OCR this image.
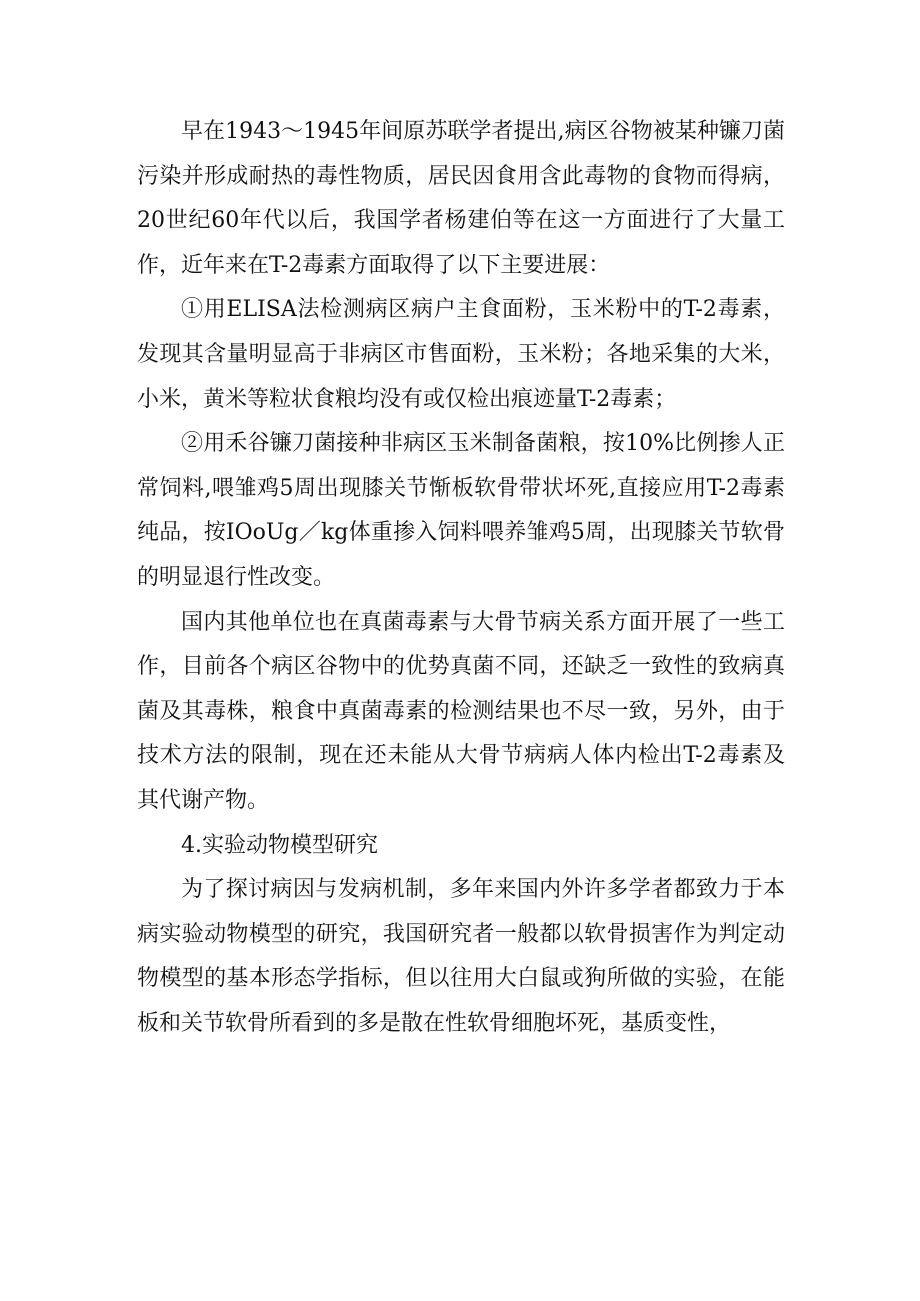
早在1943～1945年间原苏联学者提出,病区谷物被某种镰刀菌污染并形成耐热的毒性物质，居民因食用含此毒物的食物而得病，20世纪60年代以后，我国学者杨建伯等在这一方面进行了大量工作，近年来在T-2毒素方面取得了以下主要进展：

①用ELISA法检测病区病户主食面粉，玉米粉中的T-2毒素，发现其含量明显高于非病区市售面粉，玉米粉；各地采集的大米，小米，黄米等粒状食粮均没有或仅检出痕迹量T-2毒素；

②用禾谷镰刀菌接种非病区玉米制备菌粮，按10%比例掺人正常饲料,喂雏鸡5周出现膝关节惭板软骨带状坏死,直接应用T-2毒素纯品，按IOoUg／kg体重掺入饲料喂养雏鸡5周，出现膝关节软骨的明显退行性改变。

国内其他单位也在真菌毒素与大骨节病关系方面开展了一些工作，目前各个病区谷物中的优势真菌不同，还缺乏一致性的致病真菌及其毒株，粮食中真菌毒素的检测结果也不尽一致，另外，由于技术方法的限制，现在还未能从大骨节病病人体内检出T-2毒素及其代谢产物。

4.实验动物模型研究

为了探讨病因与发病机制，多年来国内外许多学者都致力于本病实验动物模型的研究，我国研究者一般都以软骨损害作为判定动物模型的基本形态学指标，但以往用大白鼠或狗所做的实验，在能板和关节软骨所看到的多是散在性软骨细胞坏死，基质变性，
